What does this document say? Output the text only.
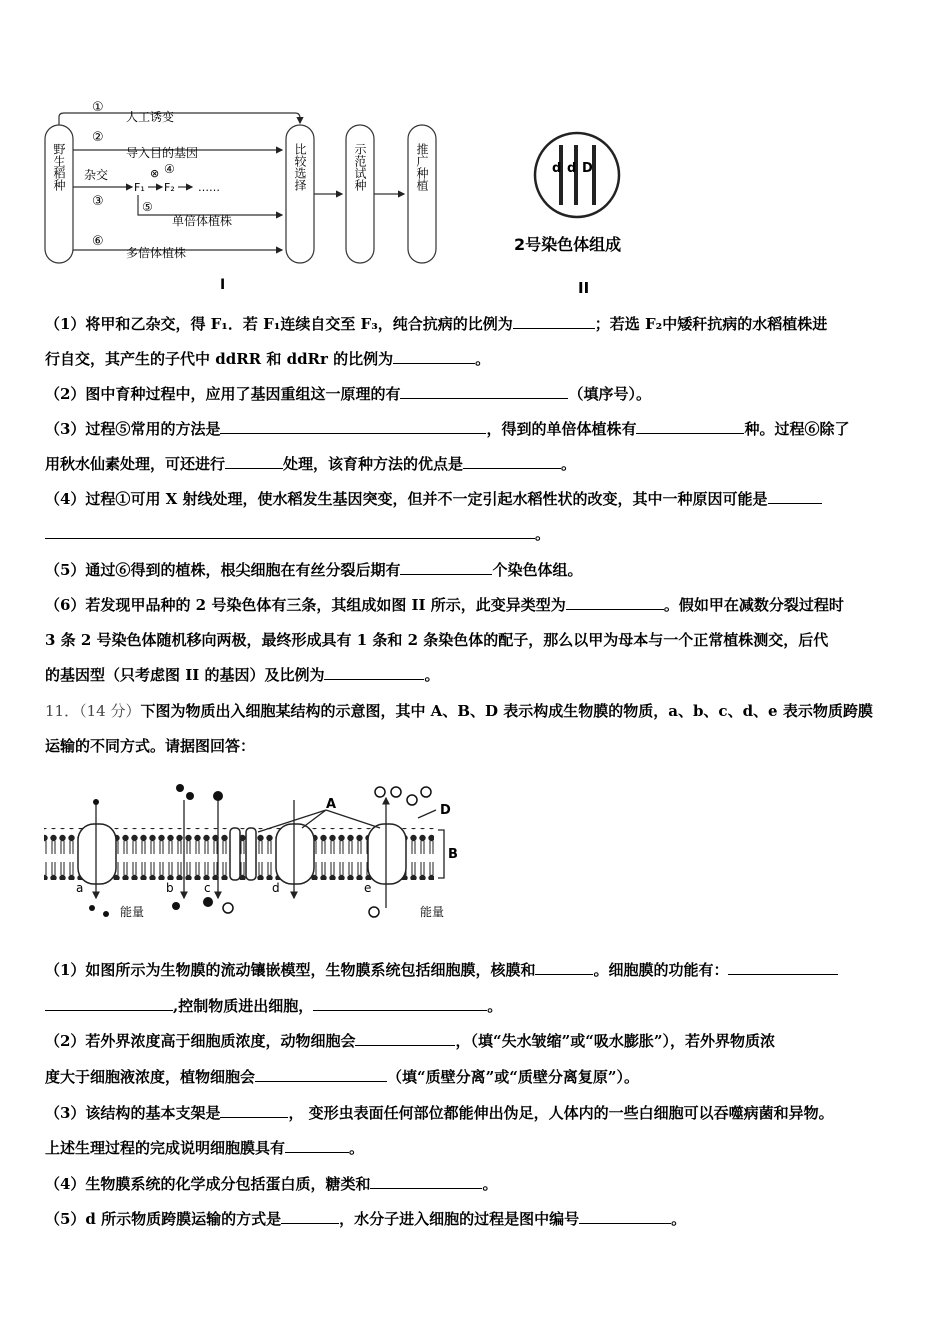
野生稻种	比较选择	示范试种	推广种植
①
人工诱变
②
导入目的基因
杂交
③
F₁
⊗ ④
F₂ ……
⑤
单倍体植株
⑥
多倍体植株
I
d d D
2号染色体组成
II
（1）将甲和乙杂交，得 F₁．若 F₁连续自交至 F₃，纯合抗病的比例为	；若选 F₂中矮秆抗病的水稻植株进
行自交，其产生的子代中 ddRR 和 ddRr 的比例为	。
（2）图中育种过程中，应用了基因重组这一原理的有	（填序号）。
（3）过程⑤常用的方法是	，得到的单倍体植株有	种。过程⑥除了
用秋水仙素处理，可还进行	处理，该育种方法的优点是	。
（4）过程①可用 X 射线处理，使水稻发生基因突变，但并不一定引起水稻性状的改变，其中一种原因可能是
。
（5）通过⑥得到的植株，根尖细胞在有丝分裂后期有	个染色体组。
（6）若发现甲品种的 2 号染色体有三条，其组成如图 II 所示，此变异类型为	。假如甲在减数分裂过程时
3 条 2 号染色体随机移向两极，最终形成具有 1 条和 2 条染色体的配子，那么以甲为母本与一个正常植株测交，后代
的基因型（只考虑图 II 的基因）及比例为	。
11．（14 分）下图为物质出入细胞某结构的示意图，其中 A、B、D 表示构成生物膜的物质，a、b、c、d、e 表示物质跨膜
运输的不同方式。请据图回答：
A
B
D
a	b	c	d	e
能量	能量
（1）如图所示为生物膜的流动镶嵌模型，生物膜系统包括细胞膜，核膜和	。细胞膜的功能有：
,控制物质进出细胞，	。
（2）若外界浓度高于细胞质浓度，动物细胞会	，（填“失水皱缩”或“吸水膨胀”），若外界物质浓
度大于细胞液浓度，植物细胞会	（填“质壁分离”或“质壁分离复原”）。
（3）该结构的基本支架是	， 变形虫表面任何部位都能伸出伪足，人体内的一些白细胞可以吞噬病菌和异物。
上述生理过程的完成说明细胞膜具有	。
（4）生物膜系统的化学成分包括蛋白质，糖类和	。
（5）d 所示物质跨膜运输的方式是	，水分子进入细胞的过程是图中编号	。
